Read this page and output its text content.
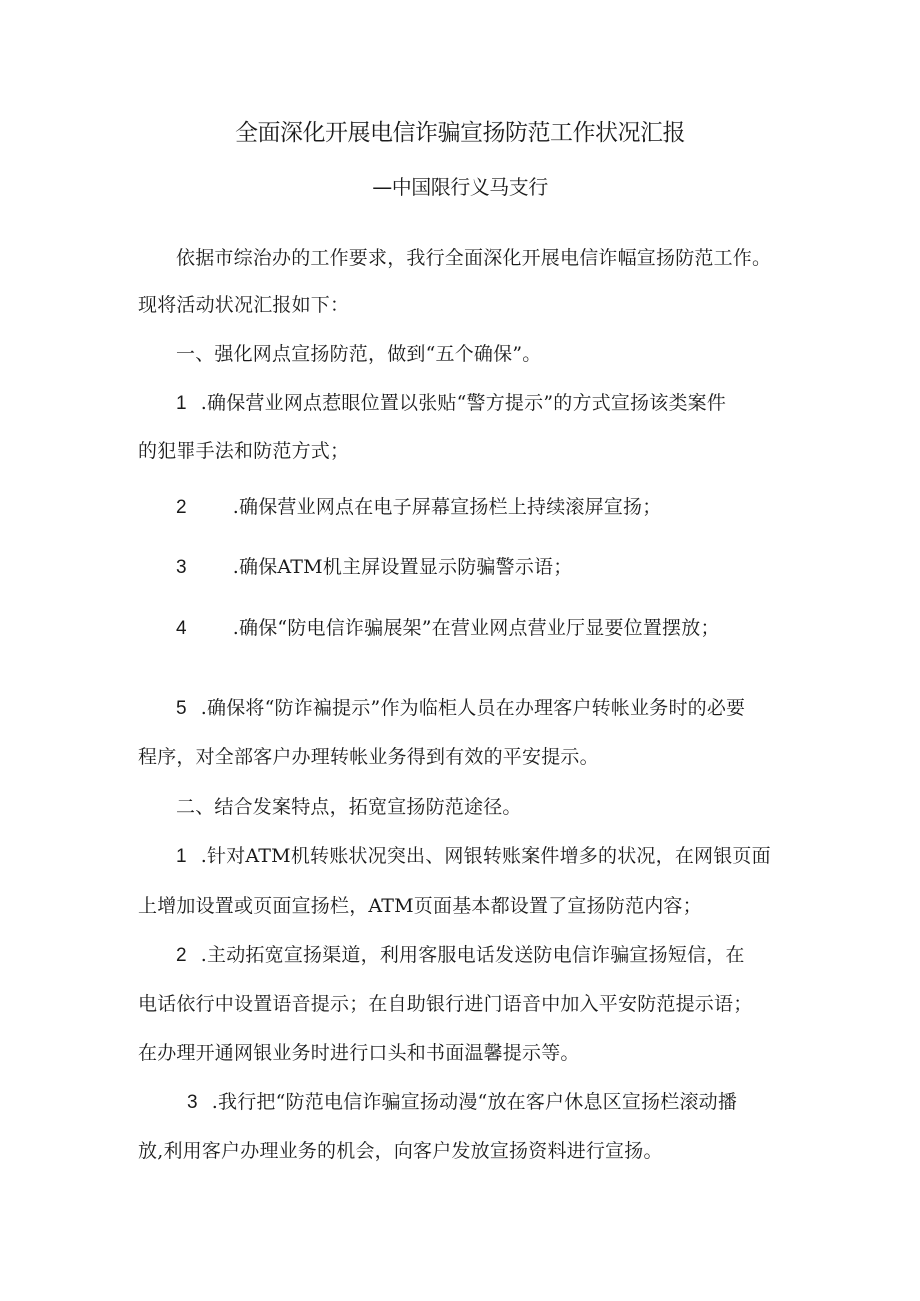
全面深化开展电信诈骗宣扬防范工作状况汇报
—中国限行义马支行
依据市综治办的工作要求，我行全面深化开展电信诈幅宣扬防范工作。
现将活动状况汇报如下：
一、强化网点宣扬防范，做到“五个确保”。
1 .确保营业网点惹眼位置以张贴“警方提示”的方式宣扬该类案件
的犯罪手法和防范方式；
2 .确保营业网点在电子屏幕宣扬栏上持续滚屏宣扬；
3 .确保ATM机主屏设置显示防骗警示语；
4 .确保“防电信诈骗展架”在营业网点营业厅显要位置摆放；
5 .确保将“防诈褊提示”作为临柜人员在办理客户转帐业务时的必要
程序，对全部客户办理转帐业务得到有效的平安提示。
二、结合发案特点，拓宽宣扬防范途径。
1 .针对ATM机转账状况突出、网银转账案件增多的状况，在网银页面
上增加设置或页面宣扬栏，ATM页面基本都设置了宣扬防范内容；
2 .主动拓宽宣扬渠道，利用客服电话发送防电信诈骗宣扬短信，在
电话依行中设置语音提示；在自助银行进门语音中加入平安防范提示语；
在办理开通网银业务时进行口头和书面温馨提示等。
3 .我行把“防范电信诈骗宣扬动漫“放在客户休息区宣扬栏滚动播
放,利用客户办理业务的机会，向客户发放宣扬资料进行宣扬。
